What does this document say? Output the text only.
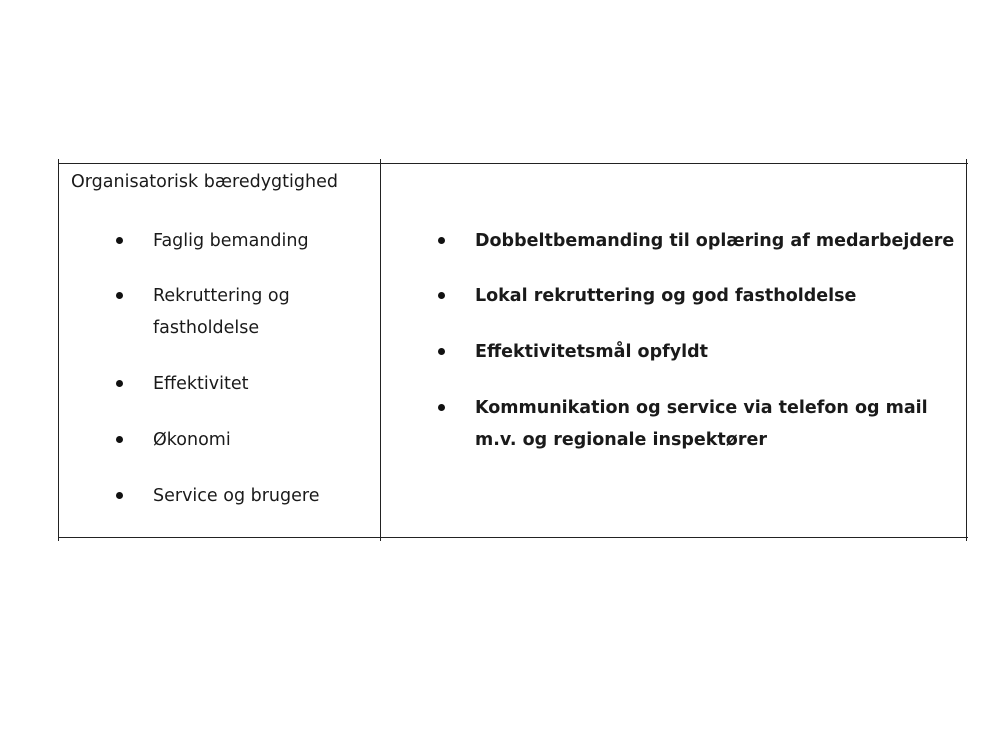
Organisatorisk bæredygtighed
Faglig bemanding
Rekruttering og
fastholdelse
Effektivitet
Økonomi
Service og brugere
Dobbeltbemanding til oplæring af medarbejdere
Lokal rekruttering og god fastholdelse
Effektivitetsmål opfyldt
Kommunikation og service via telefon og mail
m.v. og regionale inspektører
